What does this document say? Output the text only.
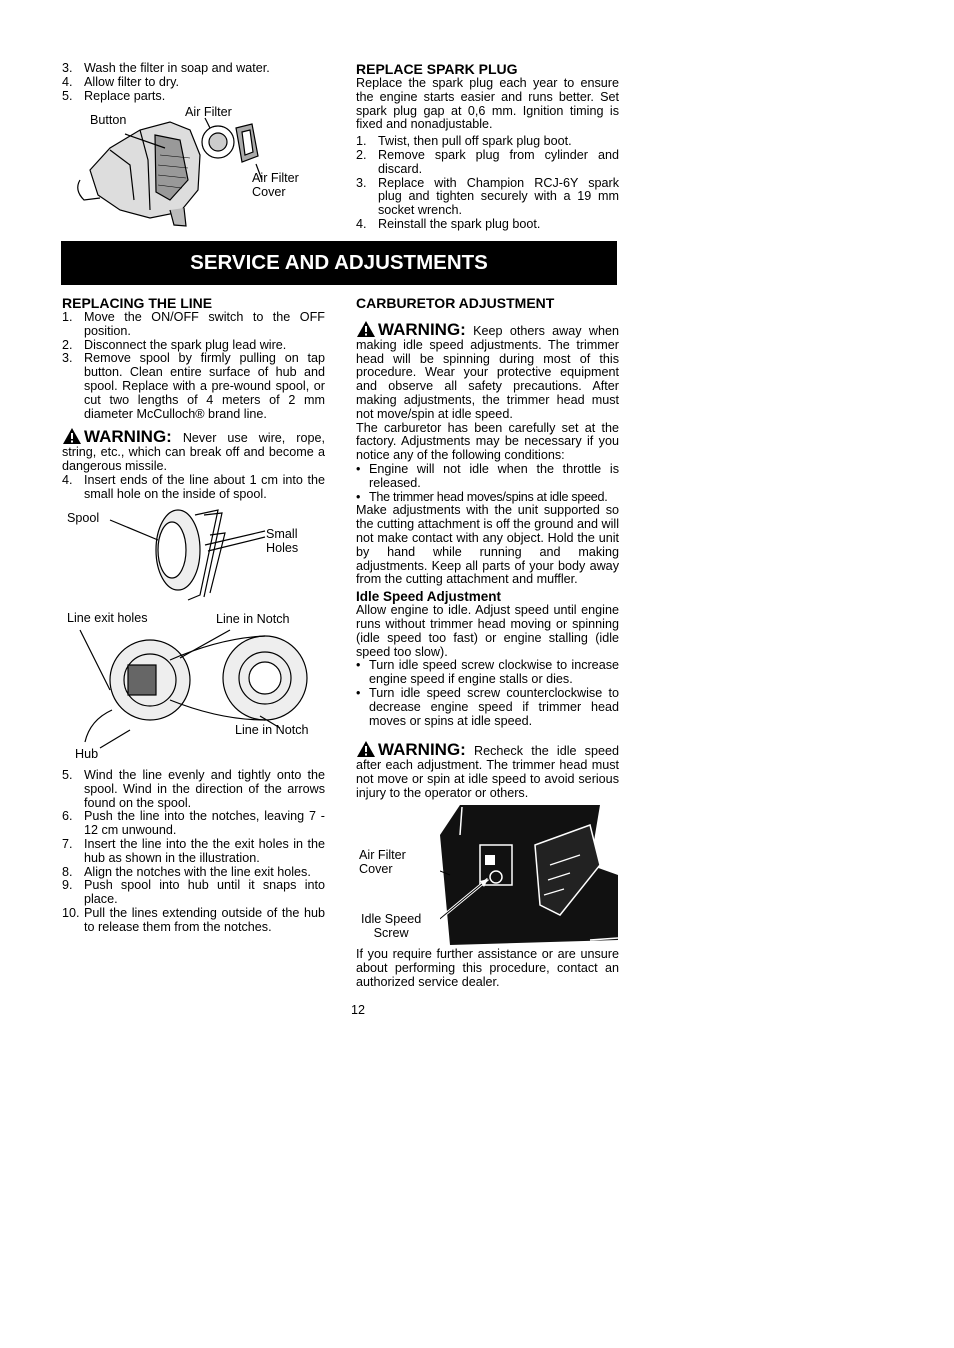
3. Wash the filter in soap and water.
4. Allow filter to dry.
5. Replace parts.
Button
Air Filter
Air Filter
Cover
REPLACE SPARK PLUG

Replace the spark plug each year to ensure the engine starts easier and runs better. Set spark plug gap at 0,6 mm. Ignition timing is fixed and nonadjustable.

1. Twist, then pull off spark plug boot.
2. Remove spark plug from cylinder and discard.
3. Replace with Champion RCJ-6Y spark plug and tighten securely with a 19 mm socket wrench.
4. Reinstall the spark plug boot.
SERVICE AND ADJUSTMENTS
REPLACING THE LINE
1. Move the ON/OFF switch to the OFF position.
2. Disconnect the spark plug lead wire.
3. Remove spool by firmly pulling on tap button. Clean entire surface of hub and spool. Replace with a pre-wound spool, or cut two lengths of 4 meters of 2 mm diameter McCulloch® brand line.

WARNING: Never use wire, rope, string, etc., which can break off and become a dangerous missile.

4. Insert ends of the line about 1 cm into the small hole on the inside of spool.
Spool
Small
Holes
Line exit holes	Line in Notch
Line in Notch
Hub
5. Wind the line evenly and tightly onto the spool. Wind in the direction of the arrows found on the spool.
6. Push the line into the notches, leaving 7 - 12 cm unwound.
7. Insert the line into the the exit holes in the hub as shown in the illustration.
8. Align the notches with the line exit holes.
9. Push spool into hub until it snaps into place.
10. Pull the lines extending outside of the hub to release them from the notches.
CARBURETOR ADJUSTMENT

WARNING: Keep others away when making idle speed adjustments. The trimmer head will be spinning during most of this procedure. Wear your protective equipment and observe all safety precautions. After making adjustments, the trimmer head must not move/spin at idle speed.

The carburetor has been carefully set at the factory. Adjustments may be necessary if you notice any of the following conditions:

• Engine will not idle when the throttle is released.
• The trimmer head moves/spins at idle speed.

Make adjustments with the unit supported so the cutting attachment is off the ground and will not make contact with any object. Hold the unit by hand while running and making adjustments. Keep all parts of your body away from the cutting attachment and muffler.

Idle Speed Adjustment

Allow engine to idle. Adjust speed until engine runs without trimmer head moving or spinning (idle speed too fast) or engine stalling (idle speed too slow).

• Turn idle speed screw clockwise to increase engine speed if engine stalls or dies.
• Turn idle speed screw counterclockwise to decrease engine speed if trimmer head moves or spins at idle speed.

WARNING: Recheck the idle speed after each adjustment. The trimmer head must not move or spin at idle speed to avoid serious injury to the operator or others.

Air Filter
Cover
Idle Speed
Screw

If you require further assistance or are unsure about performing this procedure, contact an authorized service dealer.

12
